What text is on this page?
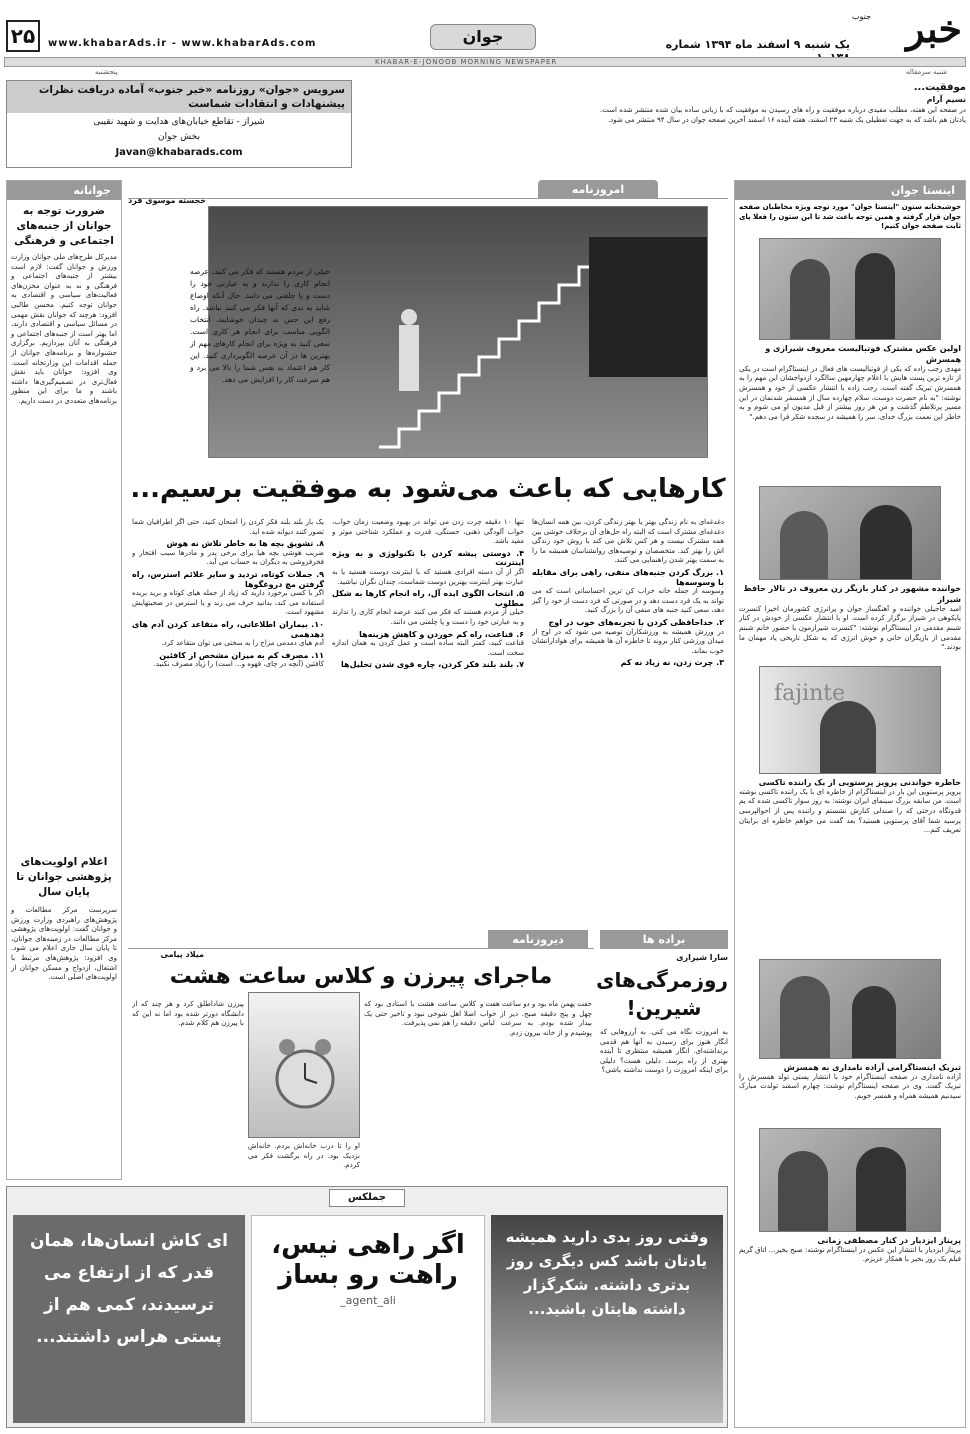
۲۵	www.khabarAds.ir - www.khabarAds.com	جوان	یک شنبه ۹ اسفند ماه ۱۳۹۴ شماره	خبر
جنوب
KHABAR-E-JONOOB MORNING NEWSPAPER
پنجشنبه	شنبه سرمقاله
سرویس «جوان» روزنامه «خبر جنوب» آماده دریافت نظرات
پیشنهادات و انتقادات شماست
شیراز - تقاطع خیابان‌های هدایت و شهید نقیبی
بخش جوان
Javan@khabarads.com
موفقیت...
نسیم آرام
در صفحه این هفته، مطلب مفیدی درباره موفقیت و راه های رسیدن به موفقیت که با زبانی ساده بیان شده منتشر شده است. یادتان هم باشد که به جهت تعطیلی یک شنبه ۲۳ اسفند، هفته آینده ۱۶ اسفند آخرین صفحه جوان در سال ۹۴ منتشر می شود.
اینستا جوان
خوشبختانه ستون "اینستا جوان" مورد توجه ویژه مخاطبان صفحه جوان قرار گرفته و همین توجه باعث شد تا این ستون را فعلا پای ثابت صفحه جوان کنیم!
اولین عکس مشترک فوتبالیست معروف شیرازی و همسرش
مهدی رجب زاده که یکی از فوتبالیست های فعال در اینستاگرام است در یکی از تازه ترین پست هایش با اعلام چهارمهین سالگرد ازدواجشان این مهم را به همسرش تبریک گفته است. رجب زاده با انتشار عکسی از خود و همسرش نوشته: "به نام حضرت دوست، سلام چهارده سال از همسفر شدنمان در این مسیر پرتلاطم گذشت و من هر روز بیشتر از قبل مدیون او می شوم و به خاطر این نعمت بزرگ خدای، سر را همیشه در سجده شکر فرا می دهم."
خواننده مشهور در کنار بازیگر زن معروف در تالار حافظ شیراز
امید حاجیلی خواننده و آهنگساز جوان و پرانرژی کشورمان اخیرا کنسرت پایکوهی در شیراز برگزار کرده است. او با انتشار عکسی از خودش در کنار شبنم مقدمی در اینستاگرام نوشته: "کنسرت شیرازمون با حضور خانم شبنم مقدمی از بازیگران خانی و خوش انرژی که به شکل تاریخی یاد مهمان ما بودند."
fajinte
خاطره خواندنی پرویز پرستویی از یک راننده تاکسی
پرویز پرستویی این بار در اینستاگرام از خاطره ای با یک راننده تاکسی نوشته است. من سابقه بزرگ سینمای ایران نوشته: به روز سوار تاکسی شده که یم قدوتگاه درختی که را صندلی کنارش نشستم و راننده پس از احوالپرسی پرسید شما آقای پرستویی هستید؟ بعد گفت می خواهم خاطره ای برایتان تعریف کنم...
تبریک اینستاگرامی آزاده نامداری به همسرش
آزاده نامداری در صفحه اینستاگرام خود با انتشار پستی تولد همسرش را تبریک گفت. وی در صفحه اینستاگرام نوشت: چهارم اسفند تولدت مبارک سیدنیم همیشه همراه و همسر خوبم.
پریناز ایزدیار در کنار مصطفی زمانی
پریناز ایزدیار با انتشار این عکس در اینستاگرام نوشته: صبح بخیر... اتاق گریم فیلم یک روز بخیر با همکار عزیزم.
جوانانه
ضرورت توجه به جوانان از جنبه‌های اجتماعی و فرهنگی
مدیرکل طرح‌های ملی جوانان وزارت ورزش و جوانان گفت: لازم است بیشتر از جنبه‌های اجتماعی و فرهنگی و نه به عنوان مخزن‌های فعالیت‌های سیاسی و اقتصادی به جوانان توجه کنیم. محسن طالبی افزود: هرچند که جوانان نقش مهمی در مسائل سیاسی و اقتصادی دارند، اما بهتر است از جنبه‌های اجتماعی و فرهنگی به آنان بپردازیم. برگزاری جشنواره‌ها و برنامه‌های جوانان از جمله اقدامات این وزارتخانه است. وی افزود: جوانان باید نقش فعال‌تری در تصمیم‌گیری‌ها داشته باشند و ما برای این منظور برنامه‌های متعددی در دست داریم.
اعلام اولویت‌های پژوهشی جوانان تا پایان سال
سرپرست مرکز مطالعات و پژوهش‌های راهبردی وزارت ورزش و جوانان گفت: اولویت‌های پژوهشی مرکز مطالعات در زمینه‌های جوانان، تا پایان سال جاری اعلام می شود. وی افزود: پژوهش‌های مرتبط با اشتغال، ازدواج و مسکن جوانان از اولویت‌های اصلی است.
امروزنامه
خجسته موسوی فرد
خیلی از مردم هستند که فکر می کنند، عرصه انجام کاری را ندارند و به عبارتی خود را دست و پا چلفتی می دانند. حال آنکه اوضاع شاید به بدی که آنها فکر می کنند نباشد. راه رفع این حس نه چندان خوشایند، انتخاب الگویی مناسب برای انجام هر کاری است. سعی کنید به ویژه برای انجام کارهای مهم از بهترین ها در آن عرصه الگوبرداری کنید. این کار هم اعتماد به نفس شما را بالا می برد و هم سرعت کار را افزایش می دهد.
کارهایی که باعث می‌شود به موفقیت برسیم...
دغدغه‌ای به نام زندگی بهتر یا بهتر زندگی کردن، بین همه انسان‌ها دغدغه‌ای مشترک است که البته راه حل‌های آن برخلاف خوشی بین همه مشترک نیست و هر کس تلاش می کند با روش خود زندگی اش را بهتر کند. متخصصان و توصیه‌های روانشناسان همیشه ما را به سمت بهتر شدن راهنمایی می کنند.
۱. بزرگ کردن جنبه‌های منفی، راهی برای مقابله با وسوسه‌ها
وسوسه از جمله خانه خراب کن ترین احساساتی است که می تواند به یک فرد دست دهد و در صورتی که فرد دست از خود را گیر دهد، سعی کنید جنبه های منفی آن را بزرگ کنید.
۲. خداحافظی کردن با تجربه‌های خوب در اوج
در ورزش همیشه به ورزشکاران توصیه می شود که در اوج از میدان ورزشی کنار بروند تا خاطره آن ها همیشه برای هوادارانشان خوب بماند.
۳. چرت زدن، نه زیاد نه کم
تنها ۱۰ دقیقه چرت زدن می تواند در بهبود وضعیت زمان خواب، خواب آلودگی ذهنی، خستگی، قدرت و عملکرد شناختی موثر و مفید باشد.
۴. دوستی پیشه کردن با تکنولوژی و به ویژه اینترنت
اگر از آن دسته افرادی هستید که با اینترنت دوست هستید یا به عبارت بهتر اینترنت بهترین دوست شماست، چندان نگران نباشید.
۵. انتخاب الگوی ایده آل، راه انجام کارها به شکل مطلوب
خیلی از مردم هستند که فکر می کنند عرضه انجام کاری را ندارند و به عبارتی خود را دست و پا چلفتی می دانند.
۶. قناعت، راه کم خوردن و کاهش هزینه‌ها
قناعت کنید، کمتر البته ساده است و عمل کردن به همان اندازه سخت است.
۷. بلند بلند فکر کردن، چاره قوی شدن تحلیل‌ها
یک بار بلند بلند فکر کردن را امتحان کنید، حتی اگر اطرافیان شما تصور کنند دیوانه شده اید.
۸. تشویق بچه ها به خاطر تلاش نه هوش
ضریب هوشی بچه هیا برای برخی پدر و مادرها سبب افتخار و فخرفروشی به دیگران به حساب می آید.
۹. جملات کوتاه، تردید و سایر علائم استرس، راه گرفتن مچ دروغگوها
اگر با کسی برخورد دارید که زیاد از جمله هیای کوتاه و برید بریده استفاده می کند، بدانید حرف می زند و یا استرس در صحبتهایش مشهود است.
۱۰. بیماران اطلاعاتی، راه متقاعد کردن آدم های دهدهمی
آدم هیای دمدمی مزاج را به سختی می توان متقاعد کرد.
۱۱. مصرف کم به میزان مشخص از کافئین
کافئین (آنچه در چای، قهوه و... است) را زیاد مصرف نکنید.
براده ها
سارا شیرازی
روزمرگی‌های شیرین!
به امروزت نگاه می کنی. به آرزوهایی که انگار هنوز برای رسیدن به آنها هم قدمی برنداشته‌ای. انگار همیشه منتظری تا آینده بهتری از راه برسد. دلیلی هست؟ دلیلی برای اینکه امروزت را دوست نداشته باشی؟
دیروزنامه
میلاد پیامی
ماجرای پیرزن و کلاس ساعت هشت
حفت پهمن ماه بود و دو ساعت هفت و چهل و پنج دقیقه صبح. دیر از خواب بیدار شده بودم. به سرعت لباس پوشیدم و از خانه بیرون زدم.
کلاس ساعت هشت با استادی بود که اصلا اهل شوخی نبود و تاخیر حتی یک دقیقه را هم نمی پذیرفت.
پیرزن شاداطلق کرد و هر چند که از دانشگاه دورتر شده بود اما نه این که با پیرزن هم کلام شدم.
او را تا درب خانه‌اش بردم. خانه‌اش نزدیک بود. در راه برگشت فکر می کردم.
جملکس
وقتی روز بدی دارید همیشه یادتان باشد کس دیگری روز بدتری داشته. شکرگزار داشته هایتان باشید...
اگر راهی نیس،
راهت رو بساز
_agent_ali
ای کاش انسان‌ها، همان قدر که از ارتفاع می ترسیدند، کمی هم از پستی هراس داشتند...
